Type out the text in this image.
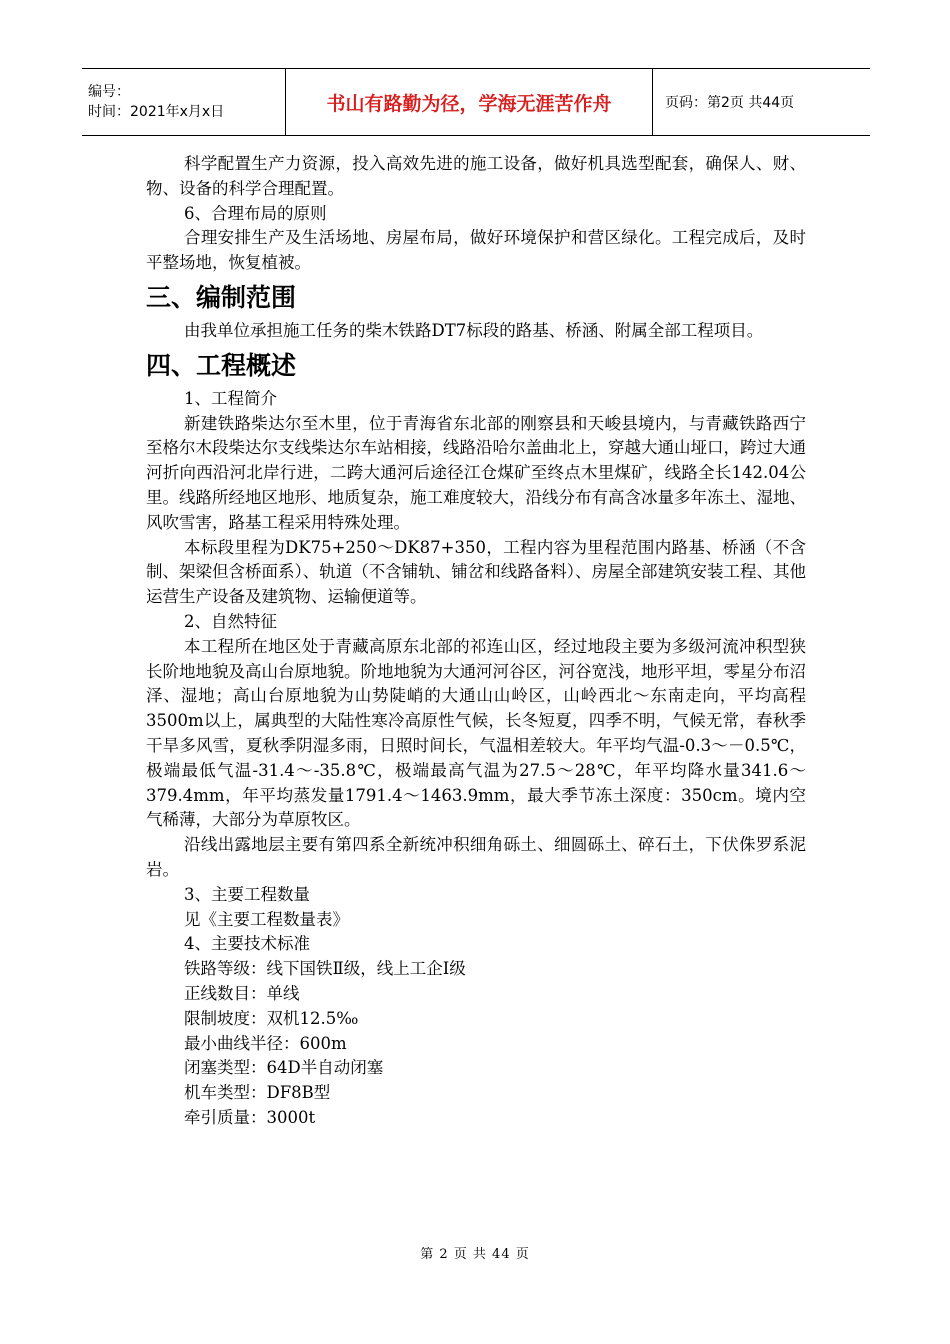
编号：
时间：2021年x月x日	书山有路勤为径，学海无涯苦作舟	页码：第2页 共44页

科学配置生产力资源，投入高效先进的施工设备，做好机具选型配套，确保人、财、物、设备的科学合理配置。

6、合理布局的原则

合理安排生产及生活场地、房屋布局，做好环境保护和营区绿化。工程完成后，及时平整场地，恢复植被。

三、编制范围

由我单位承担施工任务的柴木铁路DT7标段的路基、桥涵、附属全部工程项目。

四、工程概述

1、工程简介

新建铁路柴达尔至木里，位于青海省东北部的刚察县和天峻县境内，与青藏铁路西宁至格尔木段柴达尔支线柴达尔车站相接，线路沿哈尔盖曲北上，穿越大通山垭口，跨过大通河折向西沿河北岸行进，二跨大通河后途径江仓煤矿至终点木里煤矿，线路全长142.04公里。线路所经地区地形、地质复杂，施工难度较大，沿线分布有高含冰量多年冻土、湿地、风吹雪害，路基工程采用特殊处理。

本标段里程为DK75+250～DK87+350，工程内容为里程范围内路基、桥涵（不含制、架梁但含桥面系）、轨道（不含铺轨、铺岔和线路备料）、房屋全部建筑安装工程、其他运营生产设备及建筑物、运输便道等。

2、自然特征

本工程所在地区处于青藏高原东北部的祁连山区，经过地段主要为多级河流冲积型狭长阶地地貌及高山台原地貌。阶地地貌为大通河河谷区，河谷宽浅，地形平坦，零星分布沼泽、湿地；高山台原地貌为山势陡峭的大通山山岭区，山岭西北～东南走向，平均高程3500m以上，属典型的大陆性寒冷高原性气候，长冬短夏，四季不明，气候无常，春秋季干旱多风雪，夏秋季阴湿多雨，日照时间长，气温相差较大。年平均气温-0.3～－0.5℃，极端最低气温-31.4～-35.8℃，极端最高气温为27.5～28℃，年平均降水量341.6～379.4mm，年平均蒸发量1791.4～1463.9mm，最大季节冻土深度：350cm。境内空气稀薄，大部分为草原牧区。

沿线出露地层主要有第四系全新统冲积细角砾土、细圆砾土、碎石土，下伏侏罗系泥岩。

3、主要工程数量

见《主要工程数量表》

4、主要技术标准

铁路等级：线下国铁Ⅱ级，线上工企Ⅰ级

正线数目：单线

限制坡度：双机12.5‰

最小曲线半径：600m

闭塞类型：64D半自动闭塞

机车类型：DF8B型

牵引质量：3000t

第 2 页 共 44 页
